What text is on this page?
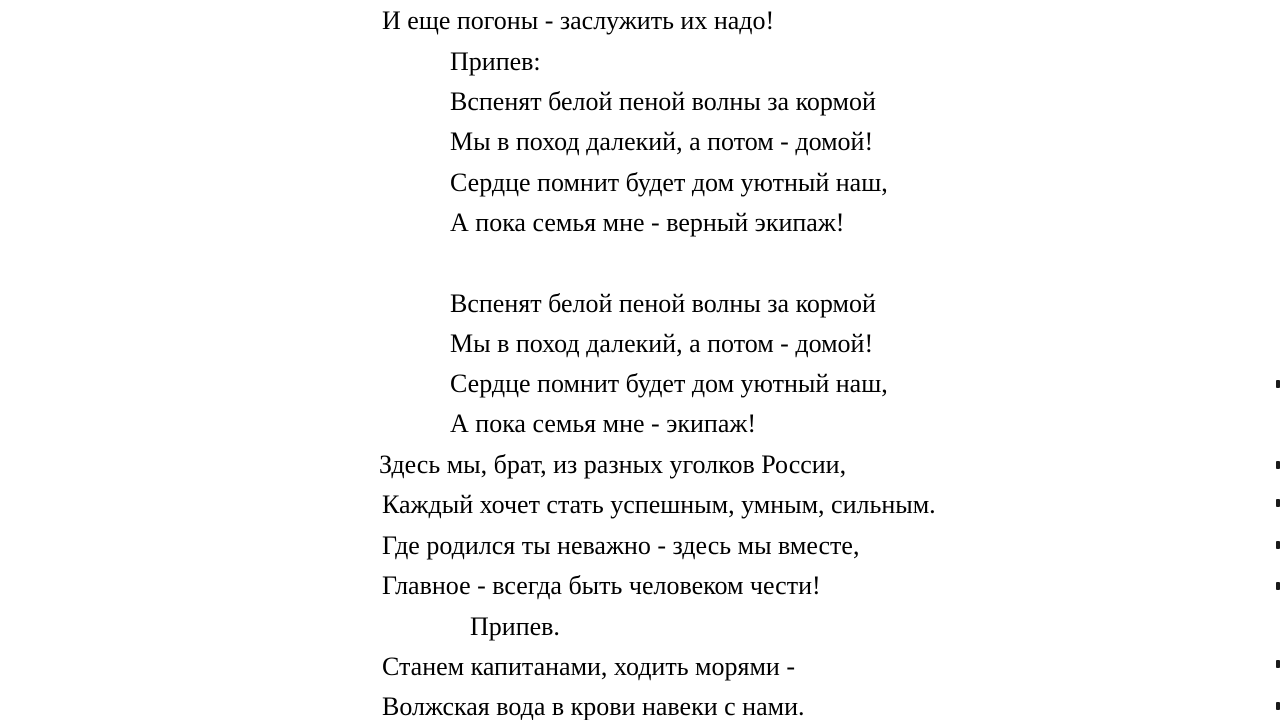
И еще погоны - заслужить их надо!
Припев:
Вспенят белой пеной волны за кормой
Мы в поход далекий, а потом - домой!
Сердце помнит будет дом уютный наш,
А пока семья мне - верный экипаж!
Вспенят белой пеной волны за кормой
Мы в поход далекий, а потом - домой!
Сердце помнит будет дом уютный наш,
А пока семья мне - экипаж!
Здесь мы, брат, из разных уголков России,
Каждый хочет стать успешным, умным, сильным.
Где родился ты неважно - здесь мы вместе,
Главное - всегда быть человеком чести!
Припев.
Станем капитанами, ходить морями -
Волжская вода в крови навеки с нами.
